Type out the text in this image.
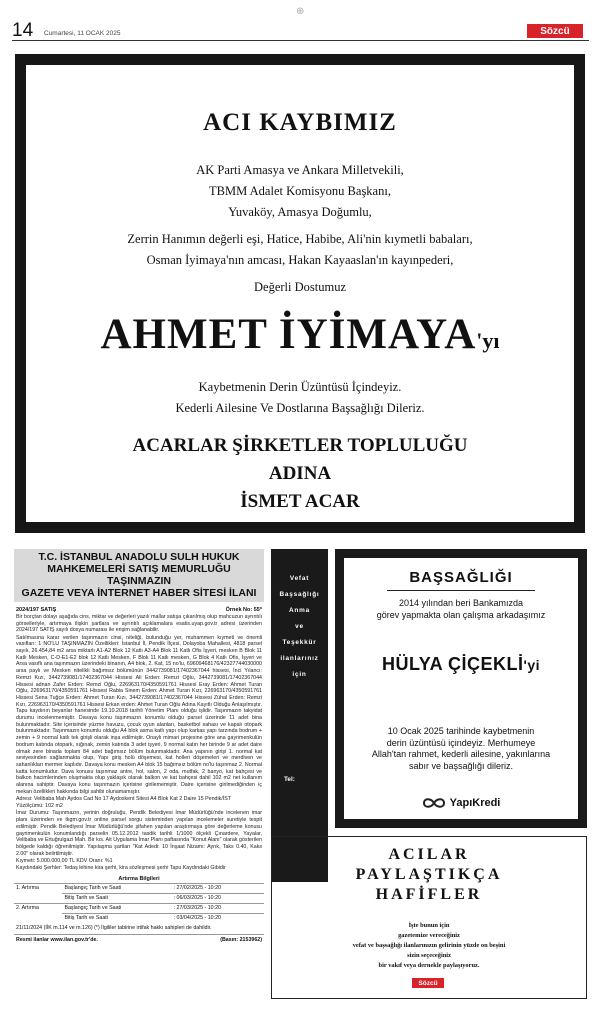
14 Cumartesi, 11 OCAK 2025	Sözcü
⊕
ACI KAYBIMIZ
AK Parti Amasya ve Ankara Milletvekili,
TBMM Adalet Komisyonu Başkanı,
Yuvaköy, Amasya Doğumlu,
Zerrin Hanımın değerli eşi, Hatice, Habibe, Ali'nin kıymetli babaları,
Osman İyimaya'nın amcası, Hakan Kayaaslan'ın kayınpederi,
Değerli Dostumuz
AHMET İYİMAYA'yı
Kaybetmenin Derin Üzüntüsü İçindeyiz.
Kederli Ailesine Ve Dostlarına Başsağlığı Dileriz.
ACARLAR ŞİRKETLER TOPLULUĞU
ADINA
İSMET ACAR
T.C. İSTANBUL ANADOLU SULH HUKUK
MAHKEMELERİ SATIŞ MEMURLUĞU TAŞINMAZIN
GAZETE VEYA İNTERNET HABER SİTESİ İLANI
2024/197 SATIŞ	Örnek No: 55*

Bir borçtan dolayı aşağıda cins, miktar ve değerleri yazılı mallar satışa çıkarılmış olup mahcuzun ayrıntılı görselleriyle, artırmaya ilişkin şartlara ve ayrıntılı açıklamalara esatis.uyap.gov.tr adresi üzerinden 2024/197 SATIŞ sayılı dosya numarası ile erişim sağlanabilir.

Satılmasına karar verilen taşınmazın cinsi, niteliği, bulunduğu yer, muhammen kıymeti ve önemli vasıfları: 1 NO'LU TAŞINMAZIN Özellikleri: İstanbul İl, Pendik İlçesi, Dolayoba Mahallesi, 4818 parsel sayılı, 26.454,84 m2 arsa miktarlı A1-A2 Blok 12 Katlı A3-A4 Blok 11 Katlı Ofis İşyeri, mesken B Blok 11 Katlı Mesken, C-D-E1-E2 blok 12 Katlı Mesken, F Blok 11 Katlı mesken, G Blok 4 Katlı Ofis, İşyeri ve Arsa vasıflı ana taşınmazın üzerindeki binanın, A4 blok, 2. Kat, 15 no'lu, 69609468176/42327744030000 arsa paylı ve Mesken nitelikli bağımsız bölümünün 3442739081/17402367044 hissesi, İnci Yılancı: Remzi Kızı, 3442739081/17402367044 Hissesi Ali Erden: Remzi Oğlu, 3442739081/17402367044 Hissesi adnan Zafer Erden: Remzi Oğlu, 226963170/4350591761 Hissesi Eray Erden: Ahmet Turan Oğlu, 226963170/4350591761 Hissesi Rabia Sinem Erden: Ahmet Turan Kızı, 226963170/4350591761 Hissesi Sena Tuğçe Erden: Ahmet Turan Kızı, 3442739081/17402367044 Hissesi Zühal Erden: Remzi Kızı, 226963170/4350591761 Hissesi Erkan erden: Ahmet Turan Oğlu Adına Kayıtlı Olduğu Anlaşılmıştır. Tapu kaydının beyanlar hanesinde 19.10.2018 tarihli Yönetim Planı olduğu işlidir. Taşınmazın takyidat durumu incelenmemiştir. Davaya konu taşınmazın konumlu olduğu parsel üzerinde 11 adet bina bulunmaktadır. Site içerisinde yüzme havuzu, çocuk oyun alanları, basketbol sahası ve kapalı otopark bulunmaktadır. Taşınmazın konumlu olduğu A4 blok asma katlı yapı olup karkas yapı tarzında bodrum + zemin + 9 normal katlı tek girişli olarak inşa edilmiştir. Onaylı mimari projesine göre ana gayrimenkulün bodrum katında otopark, sığınak, zemin katında 3 adet işyeri, 9 normal katın her birinde 9 ar adet daire olmak zere binada toplam 84 adet bağımsız bölüm bulunmaktadır. Ana yapının girişi 1. normal kat seviyesinden sağlanmakta olup, Yapı giriş holü döşemesi, kat holleri döşemeleri ve merdiven ve sahanlıkları mermer kaplıdır. Davaya konu mesken A4 blok 15 bağımsız bölüm no'lu taşınmaz 2. Normal katta konumludur. Dava konusu taşınmaz antre, hol, salon, 2 oda, mutfak, 2 banyo, kat bahçesi ve balkon hacimlerinden oluşmakta olup yaklaşık olarak balkon ve kat bahçesi dahil 102 m2 net kullanım alanına sahiptir. Davaya konu taşınmazın içerisine girilememiştir. Daire içerisine girilmediğinden iç mekan özellikleri hakkında bilgi sahibi olunamamıştır.

Adresi: Velibaba Mah Aydos Cad No 17 Aydoskent Sitesi A4 Blok Kat 2 Daire 15 Pendik/İST

Yüzölçümü: 102 m2

İmar Durumu: Taşınmazın, yerinin doğruluğu, Pendik Belediyesi İmar Müdürlüğü'nde incelenen imar planı üzerinden ve tkgm.gov.tr online parsel sorgu sisteminden yapılan incelemeler suretiyle tespit edilmiştir. Pendik Belediyesi İmar Müdürlüğü'nde şifahen yapılan araştırmaya göre değerleme konusu gayrimenkulün konumlandığı parselin 05.12.2012 tasdik tarihli 1/1000 ölçekli Çınardere, Yayalar, Velibaba ve Ertuğrulgazi Mah. Bir kıs. Ait Uygulama İmar Planı paftasında "Konut Alanı" olarak gösterilen bölgede kaldığı öğrenilmiştir. Yapılaşma şartları "Kat Adedi: 10 İnşaat Nizamı: Ayrık, Taks 0.40, Kaks 2.00" olarak belirtilmiştir.

Kıymeti: 5.000.000,00 TL KDV Oranı: %1

Kaydındaki Şerhler: Tedaş lehine kira şerhi, kira sözleşmesi şerhi Tapu Kaydındaki Gibidir

Artırma Bilgileri
1. Artırma	Başlangıç Tarih ve Saati	: 27/02/2025 - 10:20
	Bitiş Tarih ve Saati	: 06/03/2025 - 10:20
2. Artırma	Başlangıç Tarih ve Saati	: 27/03/2025 - 10:20
	Bitiş Tarih ve Saati	: 03/04/2025 - 10:20
21/11/2024 (İİK m.114 ve m.126) (*) İlgililer tabirine irtifak hakkı sahipleri de dahildir.
Resmi ilanlar www.ilan.gov.tr'de.	(Basın: 2153962)
Vefat
Başsağlığı
Anma
ve
Teşekkür
ilanlarınız
için
Tel:
BAŞSAĞLIĞI
2014 yılından beri Bankamızda
görev yapmakta olan çalışma arkadaşımız
HÜLYA ÇİÇEKLİ'yi
10 Ocak 2025 tarihinde kaybetmenin
derin üzüntüsü içindeyiz. Merhumeye
Allah'tan rahmet, kederli ailesine, yakınlarına
sabır ve başsağlığı dileriz.
YapıKredi
ACILAR
PAYLAŞTIKÇA
HAFİFLER
İşte bunun için
gazetemize vereceğiniz
vefat ve başsağlığı ilanlarınızın gelirinin yüzde on beşini
sizin seçeceğiniz
bir vakıf veya dernekle paylaşıyoruz.
Sözcü
